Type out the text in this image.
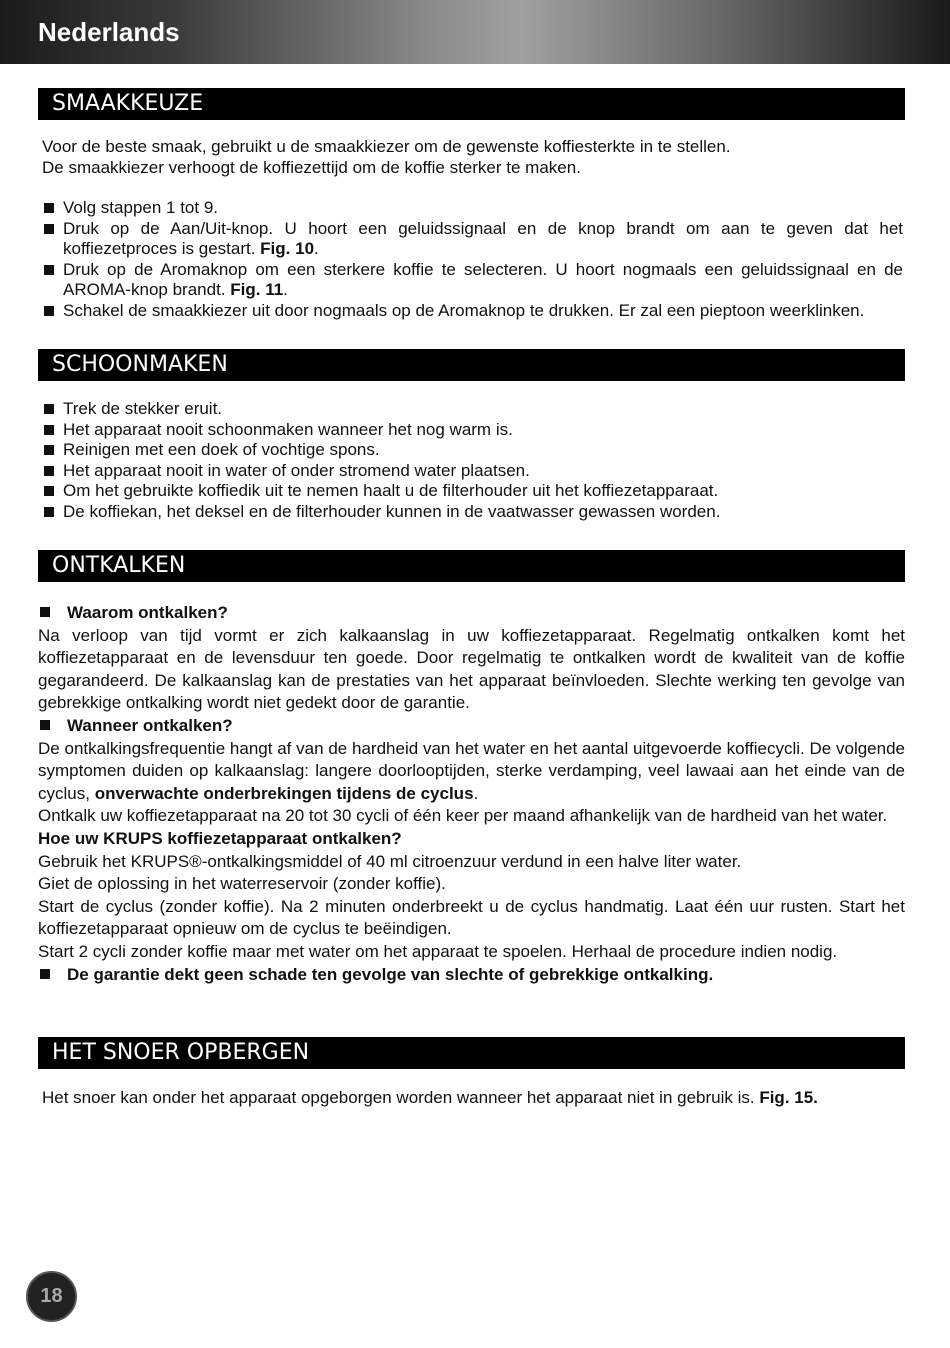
Nederlands
SMAAKKEUZE
Voor de beste smaak, gebruikt u de smaakkiezer om de gewenste koffiesterkte in te stellen.
De smaakkiezer verhoogt de koffiezettijd om de koffie sterker te maken.
Volg stappen 1 tot 9.
Druk op de Aan/Uit-knop. U hoort een geluidssignaal en de knop brandt om aan te geven dat het koffiezetproces is gestart. Fig. 10.
Druk op de Aromaknop om een sterkere koffie te selecteren. U hoort nogmaals een geluidssignaal en de AROMA-knop brandt. Fig. 11.
Schakel de smaakkiezer uit door nogmaals op de Aromaknop te drukken. Er zal een pieptoon weerklinken.
SCHOONMAKEN
Trek de stekker eruit.
Het apparaat nooit schoonmaken wanneer het nog warm is.
Reinigen met een doek of vochtige spons.
Het apparaat nooit in water of onder stromend water plaatsen.
Om het gebruikte koffiedik uit te nemen haalt u de filterhouder uit het koffiezetapparaat.
De koffiekan, het deksel en de filterhouder kunnen in de vaatwasser gewassen worden.
ONTKALKEN
Waarom ontkalken?
Na verloop van tijd vormt er zich kalkaanslag in uw koffiezetapparaat. Regelmatig ontkalken komt het koffiezetapparaat en de levensduur ten goede. Door regelmatig te ontkalken wordt de kwaliteit van de koffie gegarandeerd. De kalkaanslag kan de prestaties van het apparaat beïnvloeden. Slechte werking ten gevolge van gebrekkige ontkalking wordt niet gedekt door de garantie.
Wanneer ontkalken?
De ontkalkingsfrequentie hangt af van de hardheid van het water en het aantal uitgevoerde koffiecycli. De volgende symptomen duiden op kalkaanslag: langere doorlooptijden, sterke verdamping, veel lawaai aan het einde van de cyclus, onverwachte onderbrekingen tijdens de cyclus.
Ontkalk uw koffiezetapparaat na 20 tot 30 cycli of één keer per maand afhankelijk van de hardheid van het water.
Hoe uw KRUPS koffiezetapparaat ontkalken?
Gebruik het KRUPS®-ontkalkingsmiddel of 40 ml citroenzuur verdund in een halve liter water.
Giet de oplossing in het waterreservoir (zonder koffie).
Start de cyclus (zonder koffie). Na 2 minuten onderbreekt u de cyclus handmatig. Laat één uur rusten. Start het koffiezetapparaat opnieuw om de cyclus te beëindigen.
Start 2 cycli zonder koffie maar met water om het apparaat te spoelen. Herhaal de procedure indien nodig.
De garantie dekt geen schade ten gevolge van slechte of gebrekkige ontkalking.
HET SNOER OPBERGEN
Het snoer kan onder het apparaat opgeborgen worden wanneer het apparaat niet in gebruik is. Fig. 15.
18
